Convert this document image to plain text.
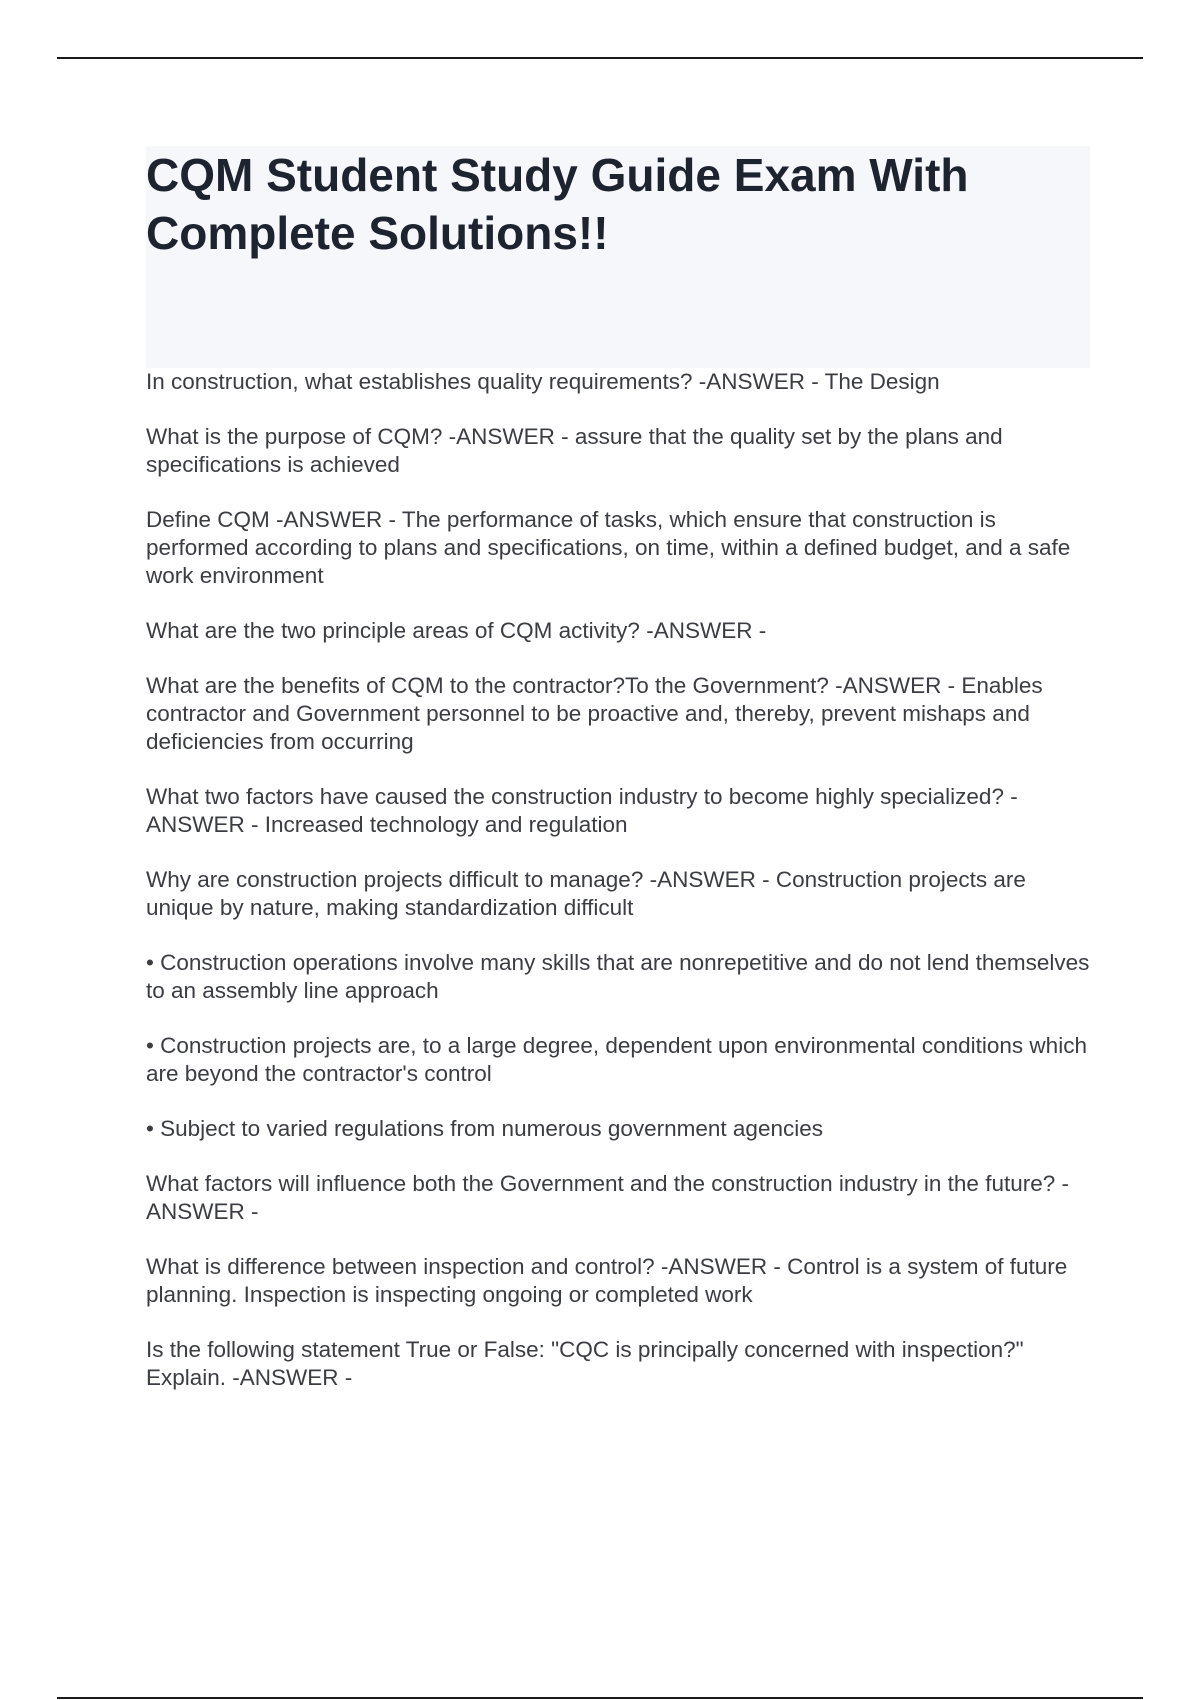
CQM Student Study Guide Exam With Complete Solutions!!

In construction, what establishes quality requirements? -ANSWER - The Design

What is the purpose of CQM? -ANSWER - assure that the quality set by the plans and specifications is achieved

Define CQM -ANSWER - The performance of tasks, which ensure that construction is performed according to plans and specifications, on time, within a defined budget, and a safe work environment

What are the two principle areas of CQM activity? -ANSWER -

What are the benefits of CQM to the contractor?To the Government? -ANSWER - Enables contractor and Government personnel to be proactive and, thereby, prevent mishaps and deficiencies from occurring

What two factors have caused the construction industry to become highly specialized? -ANSWER - Increased technology and regulation

Why are construction projects difficult to manage? -ANSWER - Construction projects are unique by nature, making standardization difficult

• Construction operations involve many skills that are nonrepetitive and do not lend themselves to an assembly line approach

• Construction projects are, to a large degree, dependent upon environmental conditions which are beyond the contractor's control

• Subject to varied regulations from numerous government agencies

What factors will influence both the Government and the construction industry in the future? -ANSWER -

What is difference between inspection and control? -ANSWER - Control is a system of future planning. Inspection is inspecting ongoing or completed work

Is the following statement True or False: "CQC is principally concerned with inspection?" Explain. -ANSWER -
